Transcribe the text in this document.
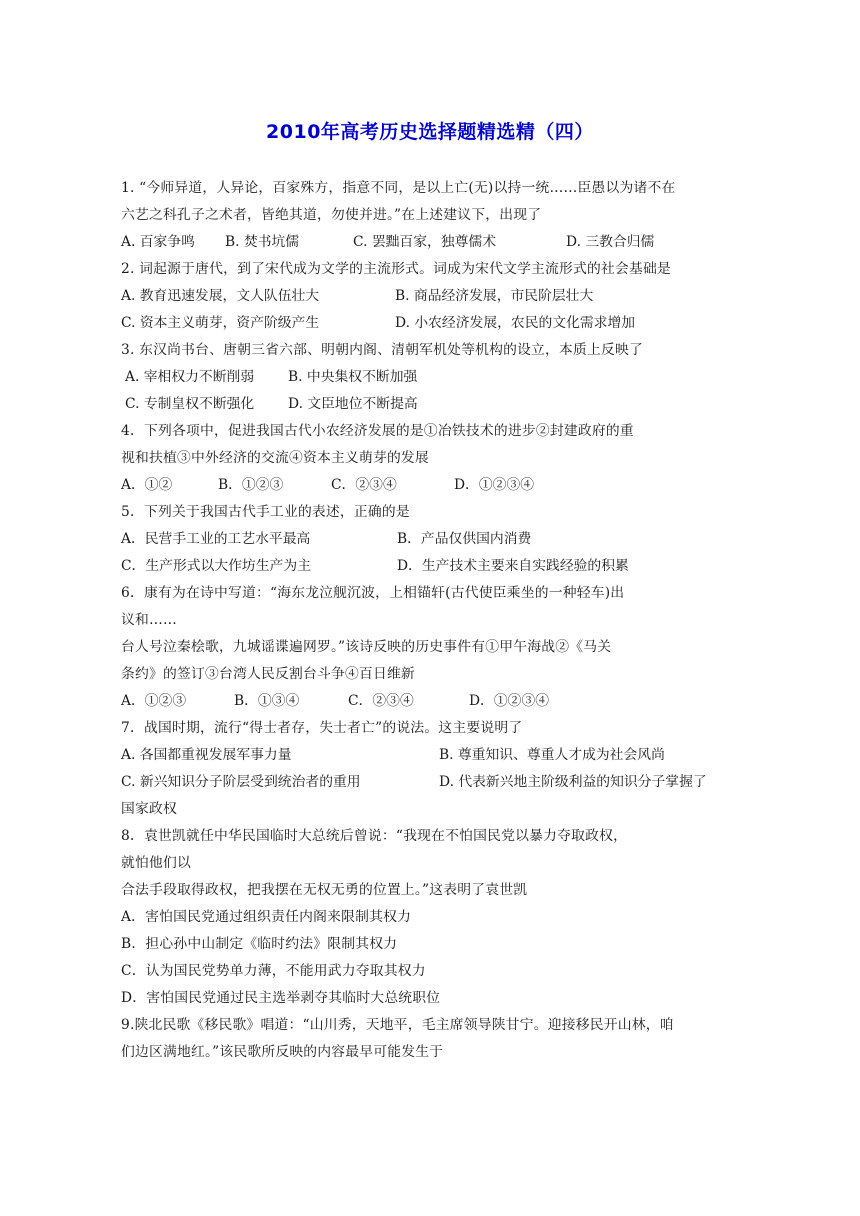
2010年高考历史选择题精选精（四）
1. “今师异道，人异论，百家殊方，指意不同，是以上亡(无)以持一统……臣愚以为诸不在
六艺之科孔子之术者，皆绝其道，勿使并进。”在上述建议下，出现了
A. 百家争鸣	B. 焚书坑儒	C. 罢黜百家，独尊儒术	D. 三教合归儒
2. 词起源于唐代，到了宋代成为文学的主流形式。词成为宋代文学主流形式的社会基础是
A. 教育迅速发展，文人队伍壮大	B. 商品经济发展，市民阶层壮大
C. 资本主义萌芽，资产阶级产生	D. 小农经济发展，农民的文化需求增加
3. 东汉尚书台、唐朝三省六部、明朝内阁、清朝军机处等机构的设立，本质上反映了
A. 宰相权力不断削弱	B. 中央集权不断加强
C. 专制皇权不断强化	D. 文臣地位不断提高
4．下列各项中，促进我国古代小农经济发展的是①冶铁技术的进步②封建政府的重
视和扶植③中外经济的交流④资本主义萌芽的发展
A．①②	B．①②③	C．②③④	D．①②③④
5．下列关于我国古代手工业的表述，正确的是
A．民营手工业的工艺水平最高	B．产品仅供国内消费
C．生产形式以大作坊生产为主	D．生产技术主要来自实践经验的积累
6．康有为在诗中写道：“海东龙泣舰沉波，上相锚轩(古代使臣乘坐的一种轻车)出
议和……
台人号泣秦桧歌，九城谣谍遍网罗。”该诗反映的历史事件有①甲午海战②《马关
条约》的签订③台湾人民反割台斗争④百日维新
A．①②③	B．①③④	C．②③④	D．①②③④
7．战国时期，流行“得士者存，失士者亡”的说法。这主要说明了
A. 各国都重视发展军事力量	B. 尊重知识、尊重人才成为社会风尚
C. 新兴知识分子阶层受到统治者的重用	D. 代表新兴地主阶级利益的知识分子掌握了
国家政权
8．袁世凯就任中华民国临时大总统后曾说：“我现在不怕国民党以暴力夺取政权，
就怕他们以
合法手段取得政权，把我摆在无权无勇的位置上。”这表明了袁世凯
A．害怕国民党通过组织责任内阁来限制其权力
B．担心孙中山制定《临时约法》限制其权力
C．认为国民党势单力薄，不能用武力夺取其权力
D．害怕国民党通过民主选举剥夺其临时大总统职位
9.陕北民歌《移民歌》唱道：“山川秀，天地平，毛主席领导陕甘宁。迎接移民开山林，咱
们边区满地红。”该民歌所反映的内容最早可能发生于
